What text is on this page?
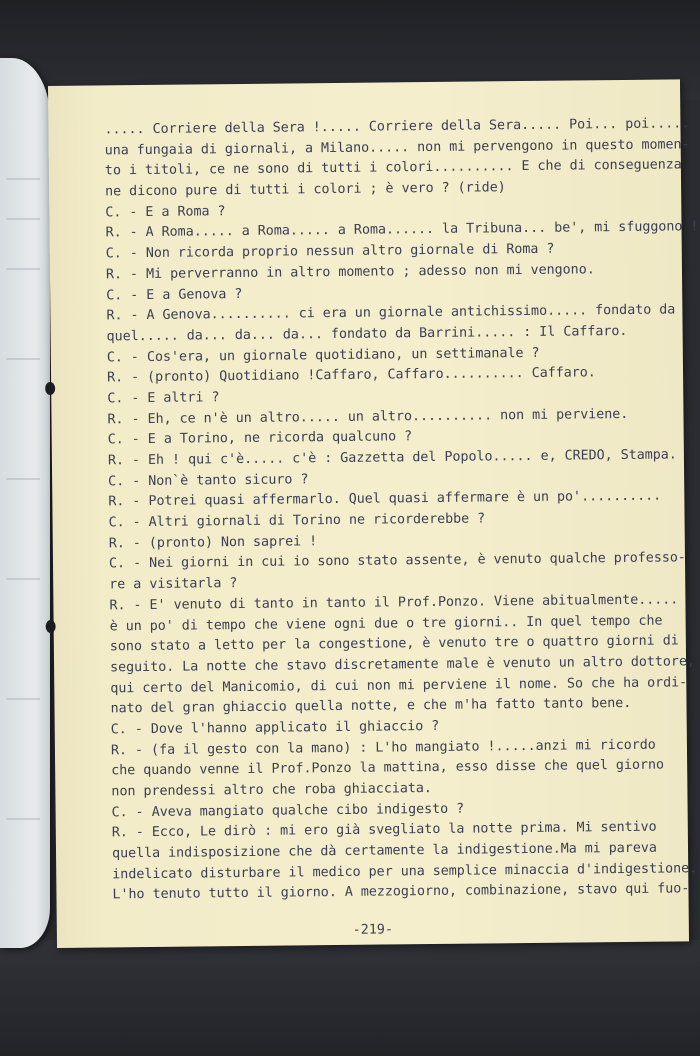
..... Corriere della Sera !..... Corriere della Sera..... Poi... poi.....
una fungaia di giornali, a Milano..... non mi pervengono in questo momen-
to i titoli, ce ne sono di tutti i colori.......... E che di conseguenza
ne dicono pure di tutti i colori ; è vero ? (ride)
C. - E a Roma ?
R. - A Roma..... a Roma..... a Roma...... la Tribuna... be', mi sfuggono !
C. - Non ricorda proprio nessun altro giornale di Roma ?
R. - Mi perverranno in altro momento ; adesso non mi vengono.
C. - E a Genova ?
R. - A Genova.......... ci era un giornale antichissimo..... fondato da
quel..... da... da... da... fondato da Barrini..... : Il Caffaro.
C. - Cos'era, un giornale quotidiano, un settimanale ?
R. - (pronto) Quotidiano !Caffaro, Caffaro.......... Caffaro.
C. - E altri ?
R. - Eh, ce n'è un altro..... un altro.......... non mi perviene.
C. - E a Torino, ne ricorda qualcuno ?
R. - Eh ! qui c'è..... c'è : Gazzetta del Popolo..... e, CREDO, Stampa.
C. - Non`è tanto sicuro ?
R. - Potrei quasi affermarlo. Quel quasi affermare è un po'..........
C. - Altri giornali di Torino ne ricorderebbe ?
R. - (pronto) Non saprei !
C. - Nei giorni in cui io sono stato assente, è venuto qualche professo-
re a visitarla ?
R. - E' venuto di tanto in tanto il Prof.Ponzo. Viene abitualmente.....
è un po' di tempo che viene ogni due o tre giorni.. In quel tempo che
sono stato a letto per la congestione, è venuto tre o quattro giorni di
seguito. La notte che stavo discretamente male è venuto un altro dottore,
qui certo del Manicomio, di cui non mi perviene il nome. So che ha ordi-
nato del gran ghiaccio quella notte, e che m'ha fatto tanto bene.
C. - Dove l'hanno applicato il ghiaccio ?
R. - (fa il gesto con la mano) : L'ho mangiato !.....anzi mi ricordo
che quando venne il Prof.Ponzo la mattina, esso disse che quel giorno
non prendessi altro che roba ghiacciata.
C. - Aveva mangiato qualche cibo indigesto ?
R. - Ecco, Le dirò : mi ero già svegliato la notte prima. Mi sentivo
quella indisposizione che dà certamente la indigestione.Ma mi pareva
indelicato disturbare il medico per una semplice minaccia d'indigestione.
L'ho tenuto tutto il giorno. A mezzogiorno, combinazione, stavo qui fuo-
-219-
